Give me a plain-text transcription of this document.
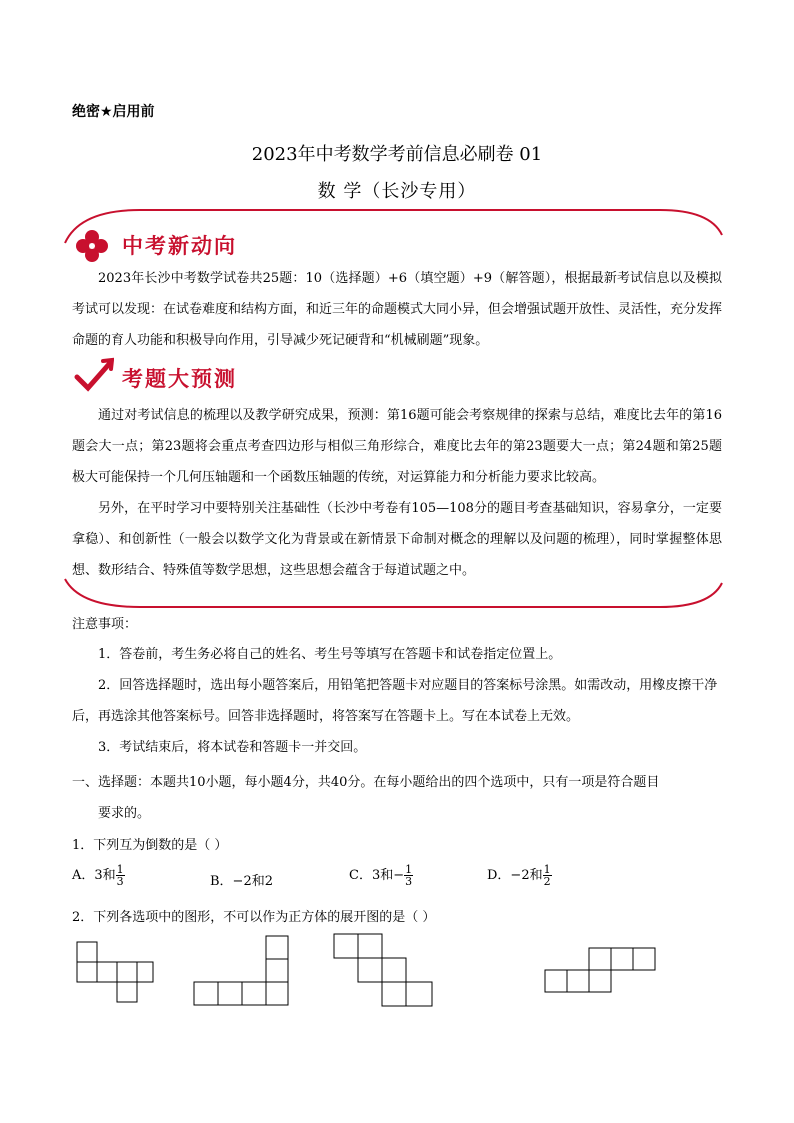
绝密★启用前
2023年中考数学考前信息必刷卷 01
数 学（长沙专用）
中考新动向

2023年长沙中考数学试卷共25题：10（选择题）+6（填空题）+9（解答题），根据最新考试信息以及模拟考试可以发现：在试卷难度和结构方面，和近三年的命题模式大同小异，但会增强试题开放性、灵活性，充分发挥命题的育人功能和积极导向作用，引导减少死记硬背和“机械刷题”现象。

考题大预测

通过对考试信息的梳理以及教学研究成果，预测：第16题可能会考察规律的探索与总结，难度比去年的第16题会大一点；第23题将会重点考查四边形与相似三角形综合，难度比去年的第23题要大一点；第24题和第25题极大可能保持一个几何压轴题和一个函数压轴题的传统，对运算能力和分析能力要求比较高。

另外，在平时学习中要特别关注基础性（长沙中考卷有105—108分的题目考查基础知识，容易拿分，一定要拿稳）、和创新性（一般会以数学文化为背景或在新情景下命制对概念的理解以及问题的梳理），同时掌握整体思想、数形结合、特殊值等数学思想，这些思想会蕴含于每道试题之中。

注意事项：

1．答卷前，考生务必将自己的姓名、考生号等填写在答题卡和试卷指定位置上。

2．回答选择题时，选出每小题答案后，用铅笔把答题卡对应题目的答案标号涂黑。如需改动，用橡皮擦干净后，再选涂其他答案标号。回答非选择题时，将答案写在答题卡上。写在本试卷上无效。

3．考试结束后，将本试卷和答题卡一并交回。

一、选择题：本题共10小题，每小题4分，共40分。在每小题给出的四个选项中，只有一项是符合题目
要求的。
1．下列互为倒数的是（ ）
A．3和 $\frac{1}{3}$	B．−2和2	C．3和− $\frac{1}{3}$	D．−2和 $\frac{1}{2}$
2．下列各选项中的图形，不可以作为正方体的展开图的是（ ）
